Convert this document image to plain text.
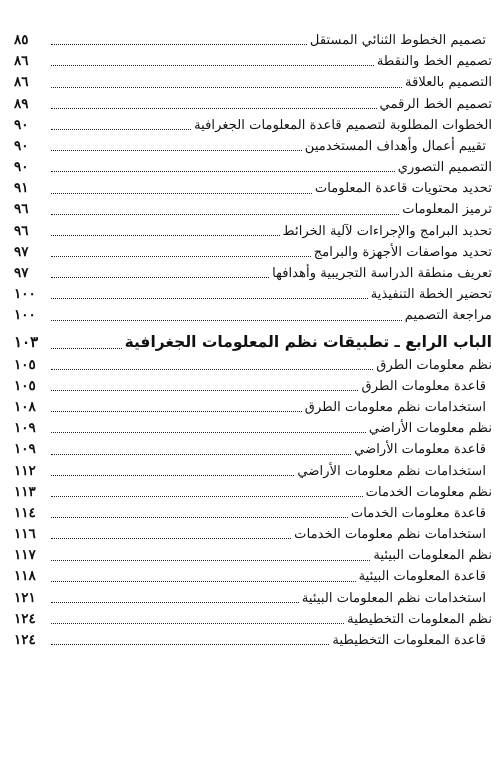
تصميم الخطوط الثنائي المستقل
٨٥
تصميم الخط والنقطة
٨٦
التصميم بالعلاقة
٨٦
تصميم الخط الرقمي
٨٩
الخطوات المطلوبة لتصميم قاعدة المعلومات الجغرافية
٩٠
تقييم أعمال وأهداف المستخدمين
٩٠
التصميم التصوري
٩٠
تحديد محتويات قاعدة المعلومات
٩١
ترميز المعلومات
٩٦
تحديد البرامج والإجراءات لآلية الخرائط
٩٦
تحديد مواصفات الأجهزة والبرامج
٩٧
تعريف منطقة الدراسة التجريبية وأهدافها
٩٧
تحضير الخطة التنفيذية
١٠٠
مراجعة التصميم
١٠٠
الباب الرابع ـ تطبيقات نظم المعلومات الجغرافية
١٠٣
نظم معلومات الطرق
١٠٥
قاعدة معلومات الطرق
١٠٥
استخدامات نظم معلومات الطرق
١٠٨
نظم معلومات الأراضي
١٠٩
قاعدة معلومات الأراضي
١٠٩
استخدامات نظم معلومات الأراضي
١١٢
نظم معلومات الخدمات
١١٣
قاعدة معلومات الخدمات
١١٤
استخدامات نظم معلومات الخدمات
١١٦
نظم المعلومات البيئية
١١٧
قاعدة المعلومات البيئية
١١٨
استخدامات نظم المعلومات البيئية
١٢١
نظم المعلومات التخطيطية
١٢٤
قاعدة المعلومات التخطيطية
١٢٤
